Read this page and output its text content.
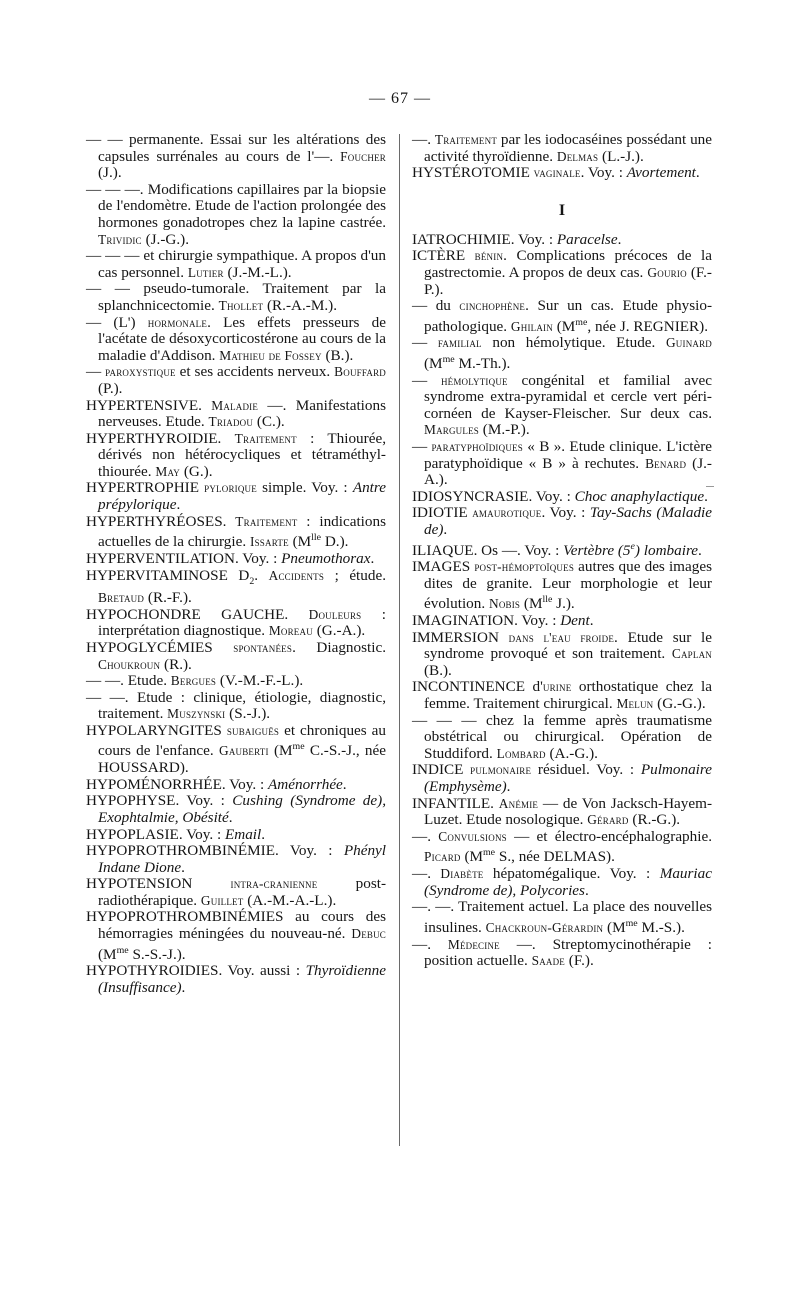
— 67 —

— — permanente. Essai sur les altérations des capsules surrénales au cours de l'—. Foucher (J.).

— — —. Modifications capillaires par la biopsie de l'endomètre. Etude de l'action prolongée des hormones gonadotropes chez la lapine castrée. Trividic (J.-G.).

— — — et chirurgie sympathique. A propos d'un cas personnel. Lutier (J.-M.-L.).

— — pseudo-tumorale. Traitement par la splanchnicectomie. Thollet (R.-A.-M.).

— (L') hormonale. Les effets presseurs de l'acétate de désoxycorticostérone au cours de la maladie d'Addison. Mathieu de Fossey (B.).

— paroxystique et ses accidents nerveux. Bouffard (P.).

HYPERTENSIVE. Maladie —. Manifestations nerveuses. Etude. Triadou (C.).

HYPERTHYROIDIE. Traitement : Thiourée, dérivés non hétérocycliques et tétraméthyl-thiourée. May (G.).

HYPERTROPHIE pylorique simple. Voy. : Antre prépylorique.

HYPERTHYRÉOSES. Traitement : indications actuelles de la chirurgie. Issarte ($M^{lle}$ D.).

HYPERVENTILATION. Voy. : Pneumothorax.

HYPERVITAMINOSE $D_2$. Accidents ; étude. Bretaud (R.-F.).

HYPOCHONDRE GAUCHE. Douleurs : interprétation diagnostique. Moreau (G.-A.).

HYPOGLYCÉMIES spontanées. Diagnostic. Choukroun (R.).

— —. Etude. Bergues (V.-M.-F.-L.).

— —. Etude : clinique, étiologie, diagnostic, traitement. Muszynski (S.-J.).

HYPOLARYNGITES subaiguës et chroniques au cours de l'enfance. Gauberti ($M^{me}$ C.-S.-J., née HOUSSARD).

HYPOMÉNORRHÉE. Voy. : Aménorrhée.

HYPOPHYSE. Voy. : Cushing (Syndrome de), Exophtalmie, Obésité.

HYPOPLASIE. Voy. : Email.

HYPOPROTHROMBINÉMIE. Voy. : Phényl Indane Dione.

HYPOTENSION intra-cranienne post-radiothérapique. Guillet (A.-M.-A.-L.).

HYPOPROTHROMBINÉMIES au cours des hémorragies méningées du nouveau-né. Debuc ($M^{me}$ S.-S.-J.).

HYPOTHYROIDIES. Voy. aussi : Thyroïdienne (Insuffisance).

—. Traitement par les iodocaséines possédant une activité thyroïdienne. Delmas (L.-J.).

HYSTÉROTOMIE vaginale. Voy. : Avortement.

I

IATROCHIMIE. Voy. : Paracelse.

ICTÈRE bénin. Complications précoces de la gastrectomie. A propos de deux cas. Gourio (F.-P.).

— du cinchophène. Sur un cas. Etude physio-pathologique. Ghilain ($M^{me}$, née J. REGNIER).

— familial non hémolytique. Etude. Guinard ($M^{me}$ M.-Th.).

— hémolytique congénital et familial avec syndrome extra-pyramidal et cercle vert péri-cornéen de Kayser-Fleischer. Sur deux cas. Margules (M.-P.).

— paratyphoïdiques « B ». Etude clinique. L'ictère paratyphoïdique « B » à rechutes. Benard (J.-A.).

IDIOSYNCRASIE. Voy. : Choc anaphylactique.

IDIOTIE amaurotique. Voy. : Tay-Sachs (Maladie de).

ILIAQUE. Os —. Voy. : Vertèbre (5e) lombaire.

IMAGES post-hémoptoïques autres que des images dites de granite. Leur morphologie et leur évolution. Nobis ($M^{lle}$ J.).

IMAGINATION. Voy. : Dent.

IMMERSION dans l'eau froide. Etude sur le syndrome provoqué et son traitement. Caplan (B.).

INCONTINENCE d'urine orthostatique chez la femme. Traitement chirurgical. Melun (G.-G.).

— — — chez la femme après traumatisme obstétrical ou chirurgical. Opération de Studdiford. Lombard (A.-G.).

INDICE pulmonaire résiduel. Voy. : Pulmonaire (Emphysème).

INFANTILE. Anémie — de Von Jacksch-Hayem-Luzet. Etude nosologique. Gérard (R.-G.).

—. Convulsions — et électro-encéphalographie. Picard ($M^{me}$ S., née DELMAS).

—. Diabète hépatomégalique. Voy. : Mauriac (Syndrome de), Polycories.

—. —. Traitement actuel. La place des nouvelles insulines. Chackroun-Gérardin ($M^{me}$ M.-S.).

—. Médecine —. Streptomycinothérapie : position actuelle. Saade (F.).
